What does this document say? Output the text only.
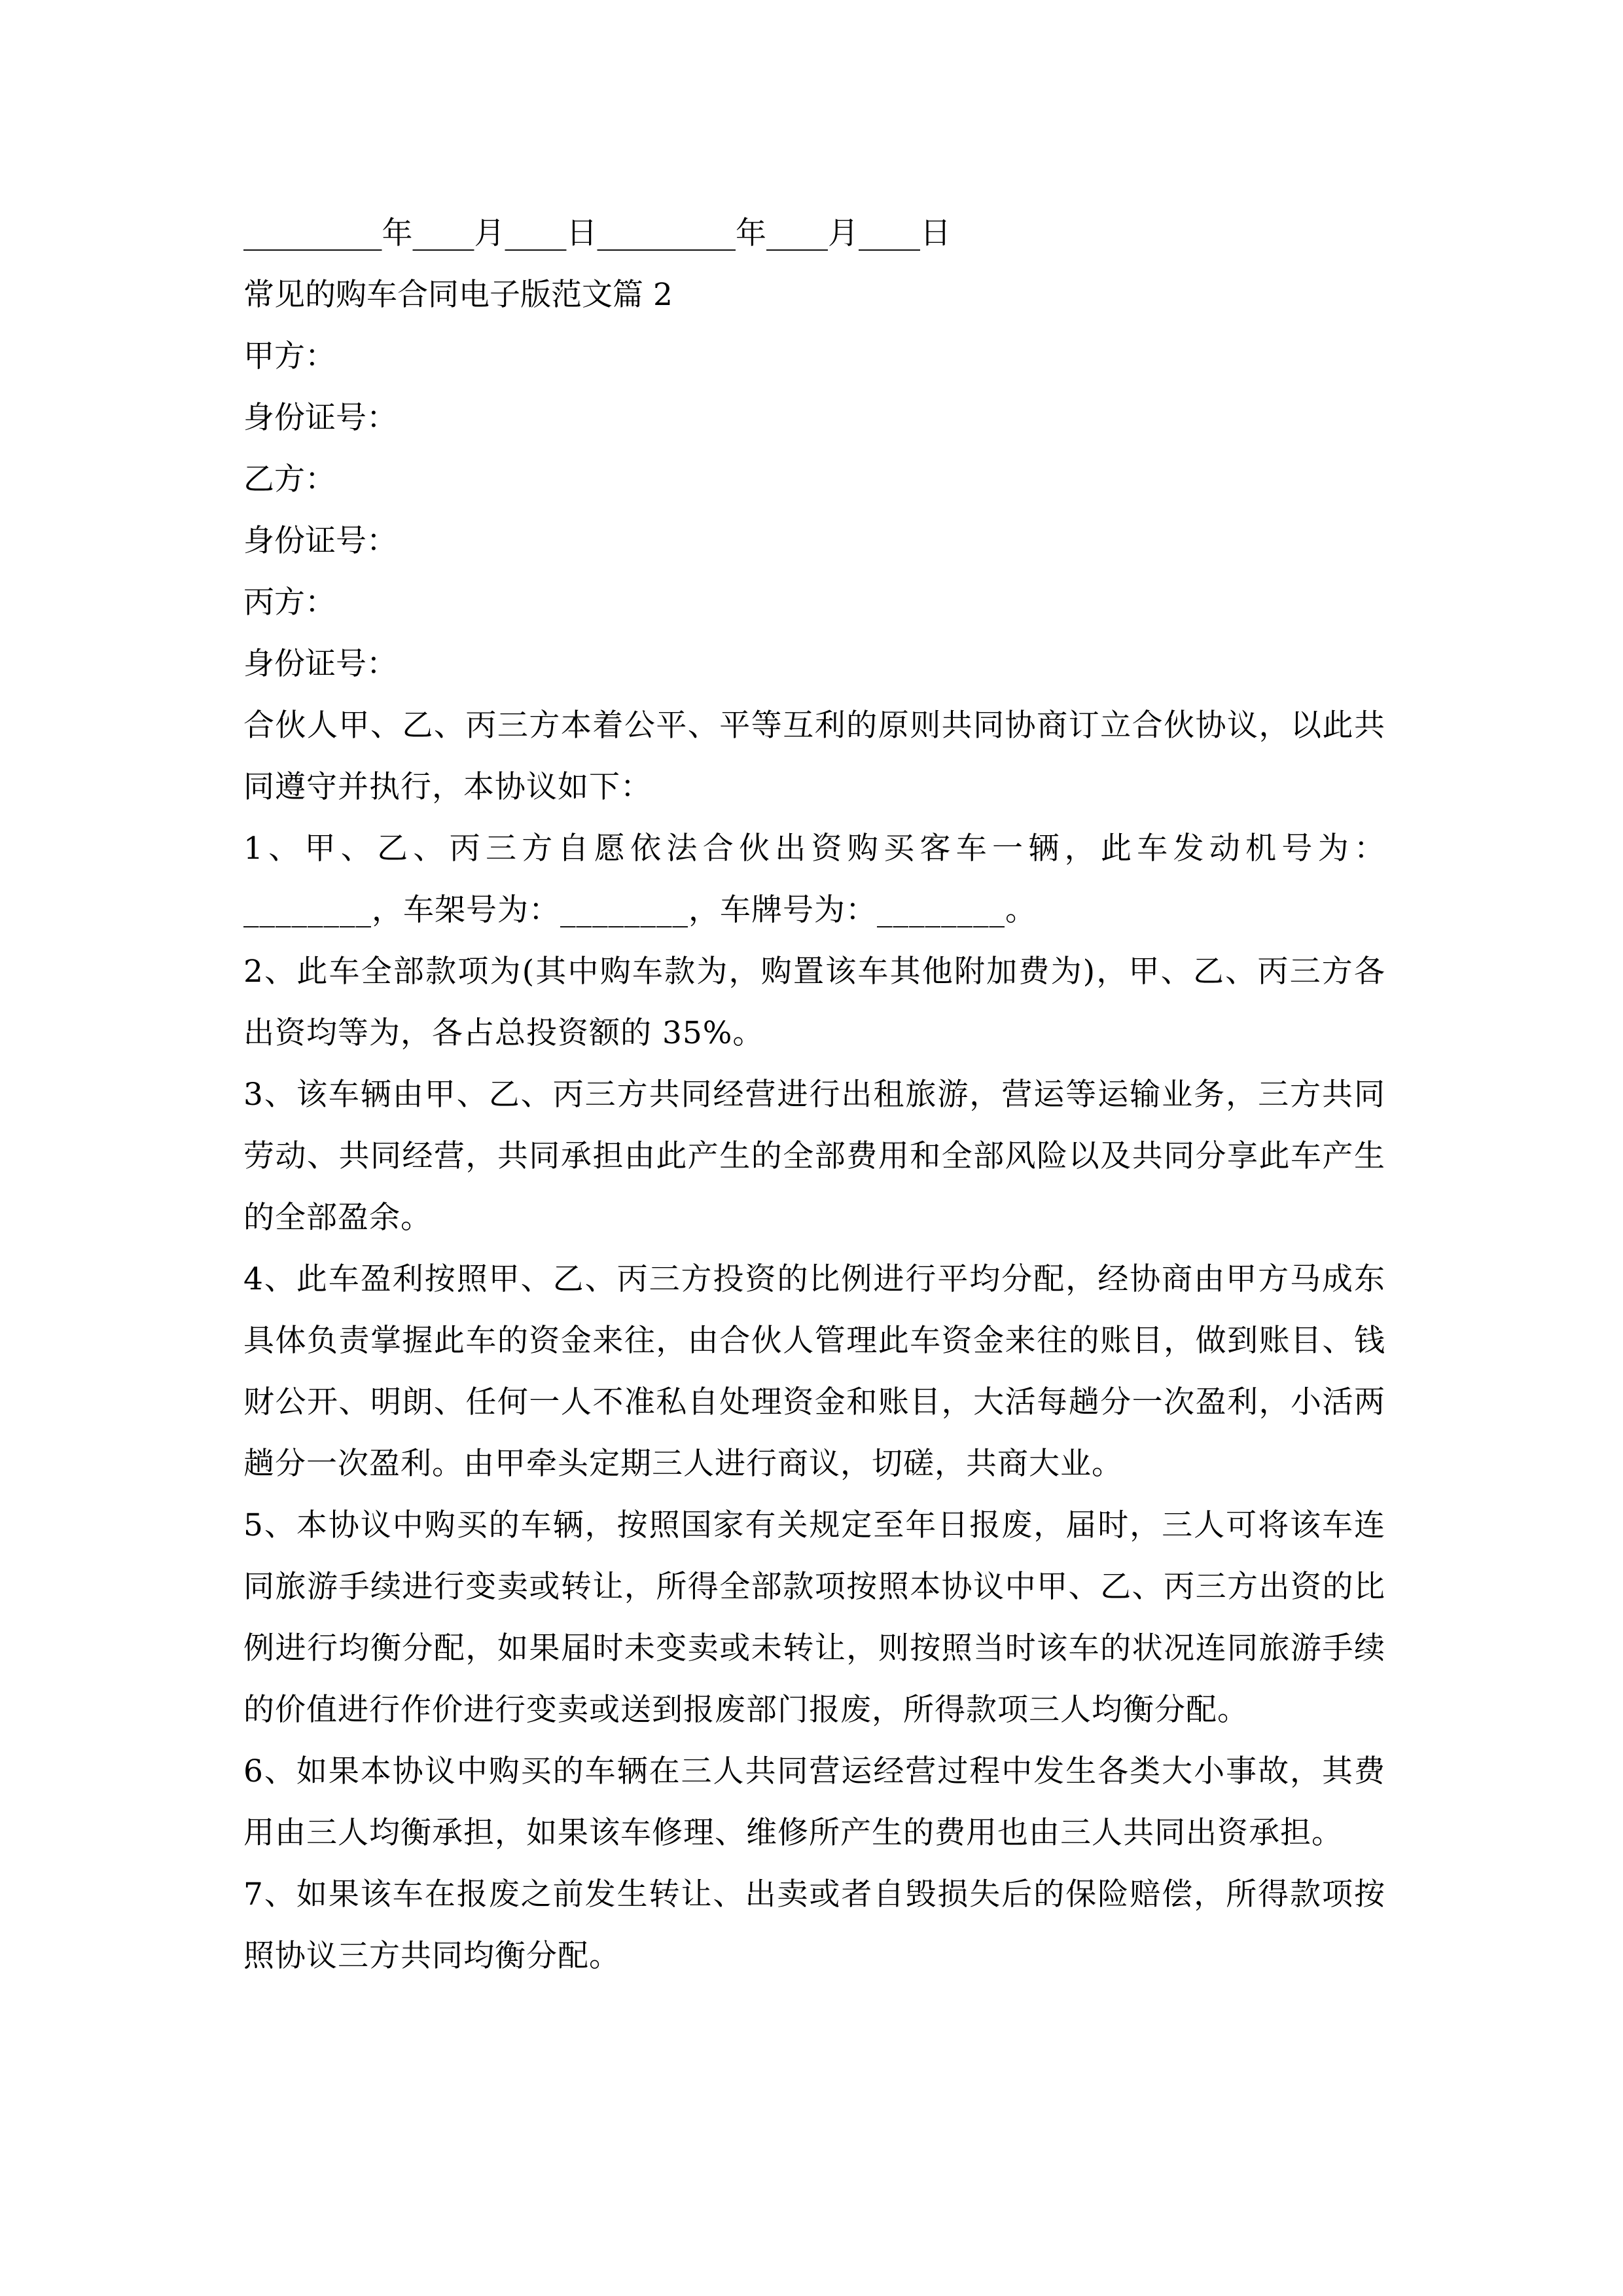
_________年____月____日_________年____月____日
常见的购车合同电子版范文篇 2
甲方：
身份证号：
乙方：
身份证号：
丙方：
身份证号：

合伙人甲、乙、丙三方本着公平、平等互利的原则共同协商订立合伙协议，以此共同遵守并执行，本协议如下：

1、甲、乙、丙三方自愿依法合伙出资购买客车一辆，此车发动机号为：________，车架号为：________，车牌号为：________。

2、此车全部款项为(其中购车款为，购置该车其他附加费为)，甲、乙、丙三方各出资均等为，各占总投资额的 35%。

3、该车辆由甲、乙、丙三方共同经营进行出租旅游，营运等运输业务，三方共同劳动、共同经营，共同承担由此产生的全部费用和全部风险以及共同分享此车产生的全部盈余。

4、此车盈利按照甲、乙、丙三方投资的比例进行平均分配，经协商由甲方马成东具体负责掌握此车的资金来往，由合伙人管理此车资金来往的账目，做到账目、钱财公开、明朗、任何一人不准私自处理资金和账目，大活每趟分一次盈利，小活两趟分一次盈利。由甲牵头定期三人进行商议，切磋，共商大业。

5、本协议中购买的车辆，按照国家有关规定至年日报废，届时，三人可将该车连同旅游手续进行变卖或转让，所得全部款项按照本协议中甲、乙、丙三方出资的比例进行均衡分配，如果届时未变卖或未转让，则按照当时该车的状况连同旅游手续的价值进行作价进行变卖或送到报废部门报废，所得款项三人均衡分配。

6、如果本协议中购买的车辆在三人共同营运经营过程中发生各类大小事故，其费用由三人均衡承担，如果该车修理、维修所产生的费用也由三人共同出资承担。

7、如果该车在报废之前发生转让、出卖或者自毁损失后的保险赔偿，所得款项按照协议三方共同均衡分配。
